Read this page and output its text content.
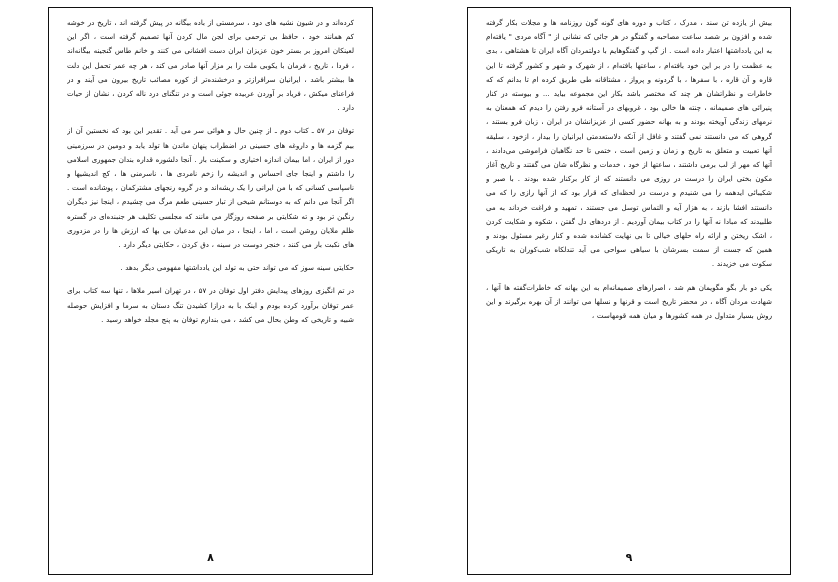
کرده‌اند و در شیون نشیه های دود ، سرمستی از باده بیگانه در پیش گرفته اند ، تاریخ در خوشه کم همانند خود ، حافظ بی ترحمی برای لجن مال کردن آنها تصمیم گرفته است ، اگر این لعینکان امروز بر بستر خون عزیزان ایران دست افشانی می کنند و خانم طاس گنجینه بیگانه‌اند ، فردا ، تاریخ ، فرمان با یکوبی ملت را بر مزار آنها صادر می کند ، هر چه عمر تحمل این دلت ها بیشتر باشد ، ایرانیان سرافرازتر و درخشنده‌تر از کوره مصائب تاریخ بیرون می آیند و در فراعنای میکش ، فریاد بر آوردن عربیده جوئی است و در تنگنای درد ناله کردن ، نشان از حیات دارد .

توفان در ۵۷ ـ کتاب دوم ـ از چنین حال و هوائی سر می آید . تقدیر این بود که نخستین آن از بیم گزمه ها و داروغه های حسینی در اضطراب پنهان ماندن ها تولد یابد و دومین در سرزمینی دور از ایران ، اما بیمان اندازه اختیاری و سکینت بار . آنجا دلشوره قداره بندان جمهوری اسلامی را داشتم و اینجا جای احساس و اندیشه را زخم نامردی ها ، ناسرمنی ها ، کج اندیشیها و ناسپاسی کسانی که با من ایرانی را یک ریشه‌اند و در گروه رنجهای مشترکمان ، پوشانده است . اگر آنجا می دانم که به دوستانم شیخی از تبار حسینی طعم مرگ می چشیدم ، اینجا نیز دیگران رنگین تر بود و ته شکایتی بر صفحه روزگار می مانند که مجلسی تکلیف هر جنبنده‌ای در گستره ظلم ملایان روشن است ، اما ، اینجا ، در میان این مدعیان بی بها که ارزش ها را در مزدوری های نکبت بار می کنند ، خنجر دوست در سینه ، دق کردن ، حکایتی دیگر دارد .

حکایتی سینه سوز که می تواند حتی به تولد این یادداشتها مفهومی دیگر بدهد .

در تم انگیزی روزهای پیدایش دفتر اول توفان در ۵۷ ، در تهران اسیر ملاها ، تنها سه کتاب برای عمر توفان برآورد کرده بودم و اینک با به درازا کشیدن تنگ دستان به سرما و افزایش حوصله شبیه و تاریخی که وطن بحال می کشد ، می بندارم توفان به پنج مجلد خواهد رسید .

۸

بیش از یازده تن سند ، مدرک ، کتاب و دوره های گونه گون روزنامه ها و مجلات بکار گرفته شده و افزون بر شصد ساعت مصاحبه و گفتگو در هر جائی که نشانی از " آگاه مردی " یافته‌ام به این یادداشتها اعتبار داده است . از گپ و گفتگوهایم با دولتمردان آگاه ایران تا هشتاهی ، بدی به عظمت را در بر این خود بافته‌ام ، ساعتها بافته‌ام ، از شهرک و شهر و کشور گرفته تا این قاره و آن قاره ، با سفرها ، با گردونه و پرواز ، مشتاقانه طی طریق کرده ام تا بدانم که که خاطرات و نظراتشان هر چند که مختصر باشد بکار این مجموعه بیاید ... و بیوسته در کنار پنیرائی های صمیمانه ، چنته ها خالی بود ، غروبهای در آستانه فرو رفتن را دیدم که همعنان به نرمهای زندگی آویخته بودند و به بهانه حضور کسی از عزیزانشان در ایران ، زبان فرو بستند ، گروهی که می دانستند نمی گفتند و غافل از آنکه دلاستعدمتی ایرانیان را بیدار ، ازخود ، سلیقه آنها تعبیت و متعلق به تاریخ و زمان و زمین است ، ختمی تا حد نگاهبان فراموشی می‌دادند ، آنها که مهر از لب برمی داشتند ، ساعتها از خود ، خدمات و نظرگاه شان می گفتند و تاریخ آغاز مکون بختی ایران را درست در روزی می دانستند که از کار برکنار شده بودند . با صبر و شکیبائی ایدهمه را می شنیدم و درست در لحظه‌ای که قرار بود که از آنها رازی را که می دانستند افشا بازند ، به هزار آیه و التماس توسل می جستند ، تمهید و فراغت خرداند به می طلبیدند که مبادا نه آنها را در کتاب بیمان آوردیم . از دردهای دل گفتن ، شکوه و شکایت کردن ، اشک ریختن و ارائه راه حلهای خیالی تا بی نهایت کشانده شده و کنار رغیر مسئول بودند و همین که جست از سمت بسرشان با سیاهی سواحی می آید تندلکاه شب‌کوران به تاریکی سکوت می خزیدند .

یکی دو بار بگو مگویمان هم شد ، اصرارهای صمیمانه‌ام به این بهانه که خاطرات‌گفته ها آنها ، شهادت مردان آگاه ، در محضر تاریخ است و قرنها و نسلها می توانند از آن بهره برگیرند و این روش بسیار متداول در همه کشورها و میان همه قومهاست ،

۹
